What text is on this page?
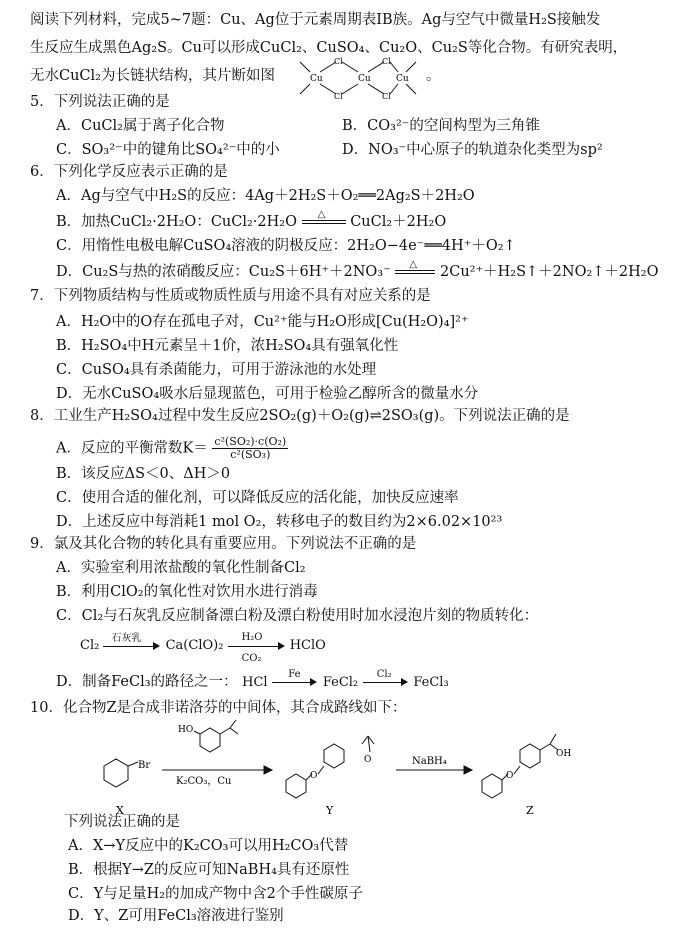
阅读下列材料，完成5~7题：Cu、Ag位于元素周期表IB族。Ag与空气中微量H₂S接触发
生反应生成黑色Ag₂S。Cu可以形成CuCl₂、CuSO₄、Cu₂O、Cu₂S等化合物。有研究表明，
无水CuCl₂为长链状结构，其片断如图	Cu
Cl
Cl
Cu
Cl
Cl
Cu 。
5．下列说法正确的是
A．CuCl₂属于离子化合物	B．CO₃²⁻的空间构型为三角锥
C．SO₃²⁻中的键角比SO₄²⁻中的小	D．NO₃⁻中心原子的轨道杂化类型为sp²
6．下列化学反应表示正确的是
A．Ag与空气中H₂S的反应：4Ag＋2H₂S＋O₂══2Ag₂S＋2H₂O
B．加热CuCl₂·2H₂O：CuCl₂·2H₂O △ CuCl₂＋2H₂O
C．用惰性电极电解CuSO₄溶液的阴极反应：2H₂O−4e⁻══4H⁺＋O₂↑
D．Cu₂S与热的浓硝酸反应：Cu₂S＋6H⁺＋2NO₃⁻ △ 2Cu²⁺＋H₂S↑＋2NO₂↑＋2H₂O
7．下列物质结构与性质或物质性质与用途不具有对应关系的是
A．H₂O中的O存在孤电子对，Cu²⁺能与H₂O形成[Cu(H₂O)₄]²⁺
B．H₂SO₄中H元素呈＋1价，浓H₂SO₄具有强氧化性
C．CuSO₄具有杀菌能力，可用于游泳池的水处理
D．无水CuSO₄吸水后显现蓝色，可用于检验乙醇所含的微量水分
8．工业生产H₂SO₄过程中发生反应2SO₂(g)＋O₂(g)⇌2SO₃(g)。下列说法正确的是
A．反应的平衡常数$K= \frac{\text{c²(SO₂)·c(O₂)}}{\text{c²(SO₃)}}$
B．该反应ΔS＜0、ΔH＞0
C．使用合适的催化剂，可以降低反应的活化能，加快反应速率
D．上述反应中每消耗1 mol O₂，转移电子的数目约为2×6.02×10²³
9．氯及其化合物的转化具有重要应用。下列说法不正确的是
A．实验室利用浓盐酸的氧化性制备Cl₂
B．利用ClO₂的氧化性对饮用水进行消毒
C．Cl₂与石灰乳反应制备漂白粉及漂白粉使用时加水浸泡片刻的物质转化：
Cl₂ 石灰乳 $Ca(ClO)_2 \frac{\text{H₂O}}{\text{CO₂}}$ HClO
D．制备FeCl₃的路径之一： HCl
Fe
FeCl₂
Cl₂
FeCl₃
10．化合物Z是合成非诺洛芬的中间体，其合成路线如下：
Br
HO
K₂CO₃，Cu	O
O	NaBH₄
O
OH
X	Y	Z
下列说法正确的是
A．X→Y反应中的K₂CO₃可以用H₂CO₃代替
B．根据Y→Z的反应可知NaBH₄具有还原性
C．Y与足量H₂的加成产物中含2个手性碳原子
D．Y、Z可用FeCl₃溶液进行鉴别
